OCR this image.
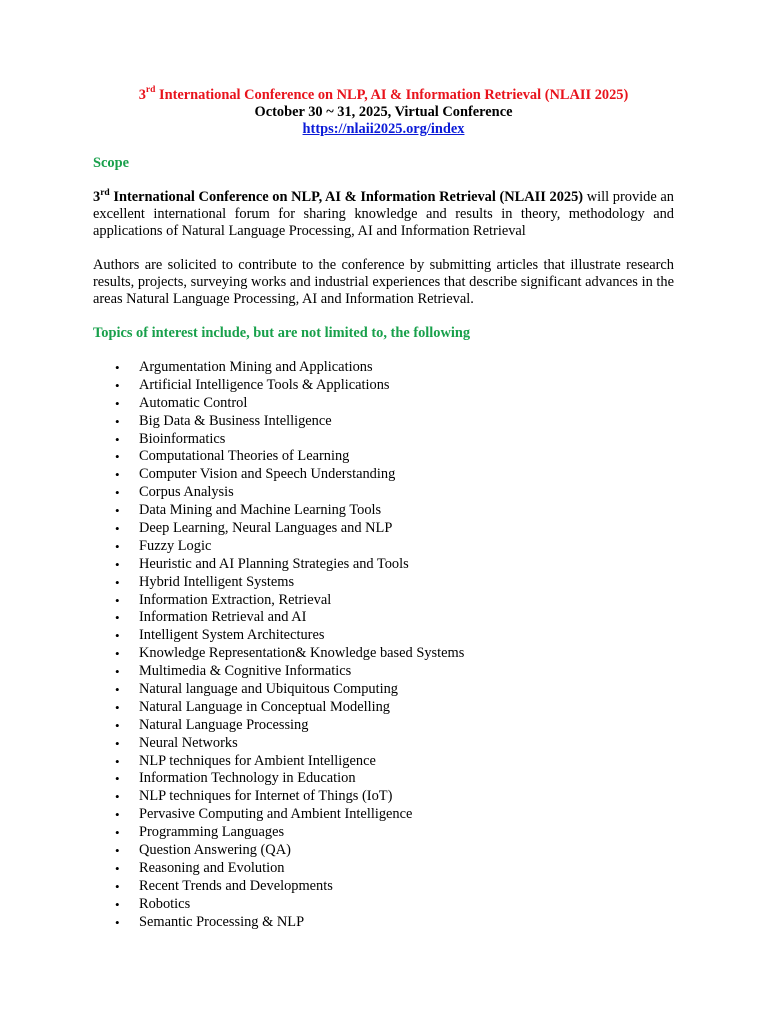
3rd International Conference on NLP, AI & Information Retrieval (NLAII 2025)
October 30 ~ 31, 2025, Virtual Conference
https://nlaii2025.org/index
Scope
3rd International Conference on NLP, AI & Information Retrieval (NLAII 2025) will provide an excellent international forum for sharing knowledge and results in theory, methodology and applications of Natural Language Processing, AI and Information Retrieval
Authors are solicited to contribute to the conference by submitting articles that illustrate research results, projects, surveying works and industrial experiences that describe significant advances in the areas Natural Language Processing, AI and Information Retrieval.
Topics of interest include, but are not limited to, the following
• Argumentation Mining and Applications
• Artificial Intelligence Tools & Applications
• Automatic Control
• Big Data & Business Intelligence
• Bioinformatics
• Computational Theories of Learning
• Computer Vision and Speech Understanding
• Corpus Analysis
• Data Mining and Machine Learning Tools
• Deep Learning, Neural Languages and NLP
• Fuzzy Logic
• Heuristic and AI Planning Strategies and Tools
• Hybrid Intelligent Systems
• Information Extraction, Retrieval
• Information Retrieval and AI
• Intelligent System Architectures
• Knowledge Representation& Knowledge based Systems
• Multimedia & Cognitive Informatics
• Natural language and Ubiquitous Computing
• Natural Language in Conceptual Modelling
• Natural Language Processing
• Neural Networks
• NLP techniques for Ambient Intelligence
• Information Technology in Education
• NLP techniques for Internet of Things (IoT)
• Pervasive Computing and Ambient Intelligence
• Programming Languages
• Question Answering (QA)
• Reasoning and Evolution
• Recent Trends and Developments
• Robotics
• Semantic Processing & NLP
